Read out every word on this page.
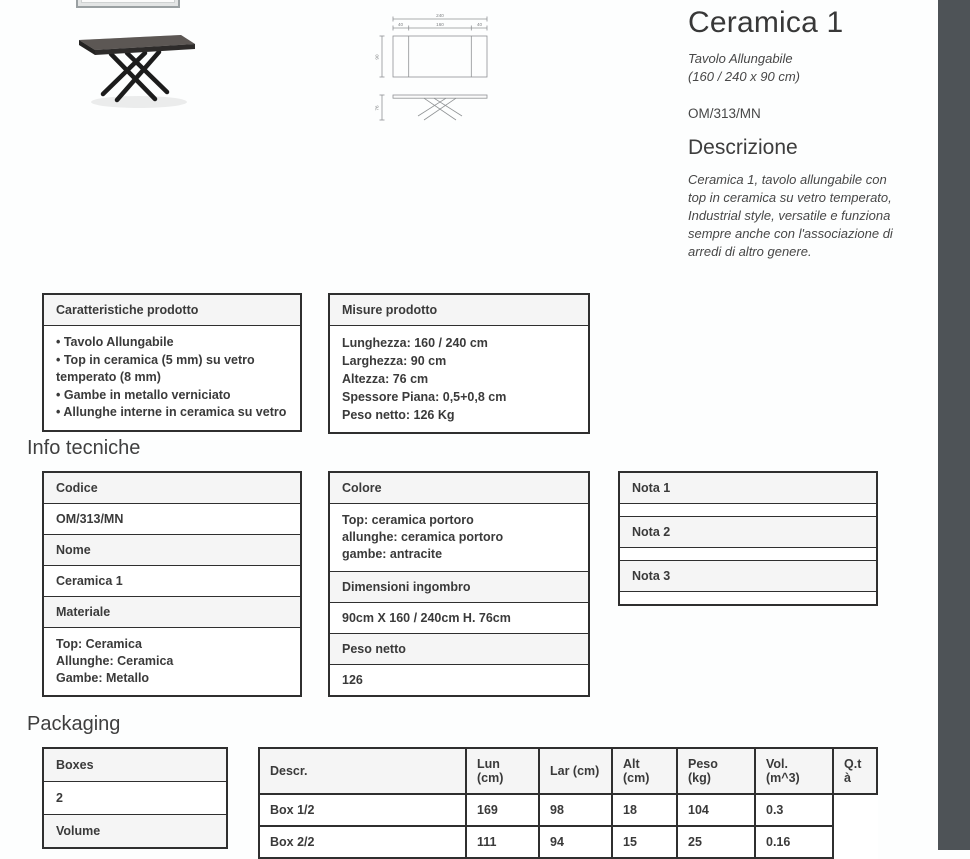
240
40	160	40
90
76
Ceramica 1
Tavolo Allungabile
(160 / 240 x 90 cm)
OM/313/MN
Descrizione
Ceramica 1, tavolo allungabile con top in ceramica su vetro temperato, Industrial style, versatile e funziona sempre anche con l'associazione di arredi di altro genere.
Caratteristiche prodotto

• Tavolo Allungabile
• Top in ceramica (5 mm) su vetro temperato (8 mm)
• Gambe in metallo verniciato
• Allunghe interne in ceramica su vetro
Misure prodotto

Lunghezza: 160 / 240 cm
Larghezza: 90 cm
Altezza: 76 cm
Spessore Piana: 0,5+0,8 cm
Peso netto: 126 Kg
Info tecniche
Codice
OM/313/MN
Nome
Ceramica 1
Materiale

Top: Ceramica
Allunghe: Ceramica
Gambe: Metallo
Colore

Top: ceramica portoro
allunghe: ceramica portoro
gambe: antracite

Dimensioni ingombro
90cm X 160 / 240cm H. 76cm
Peso netto
126
Nota 1

Nota 2

Nota 3

Packaging
Boxes
2
Volume
Descr.	Lun (cm)	Lar (cm)	Alt (cm)	Peso (kg)	Vol. (m^3)	Q.tà
Box 1/2	169	98	18	104	0.3	
Box 2/2	111	94	15	25	0.16	
